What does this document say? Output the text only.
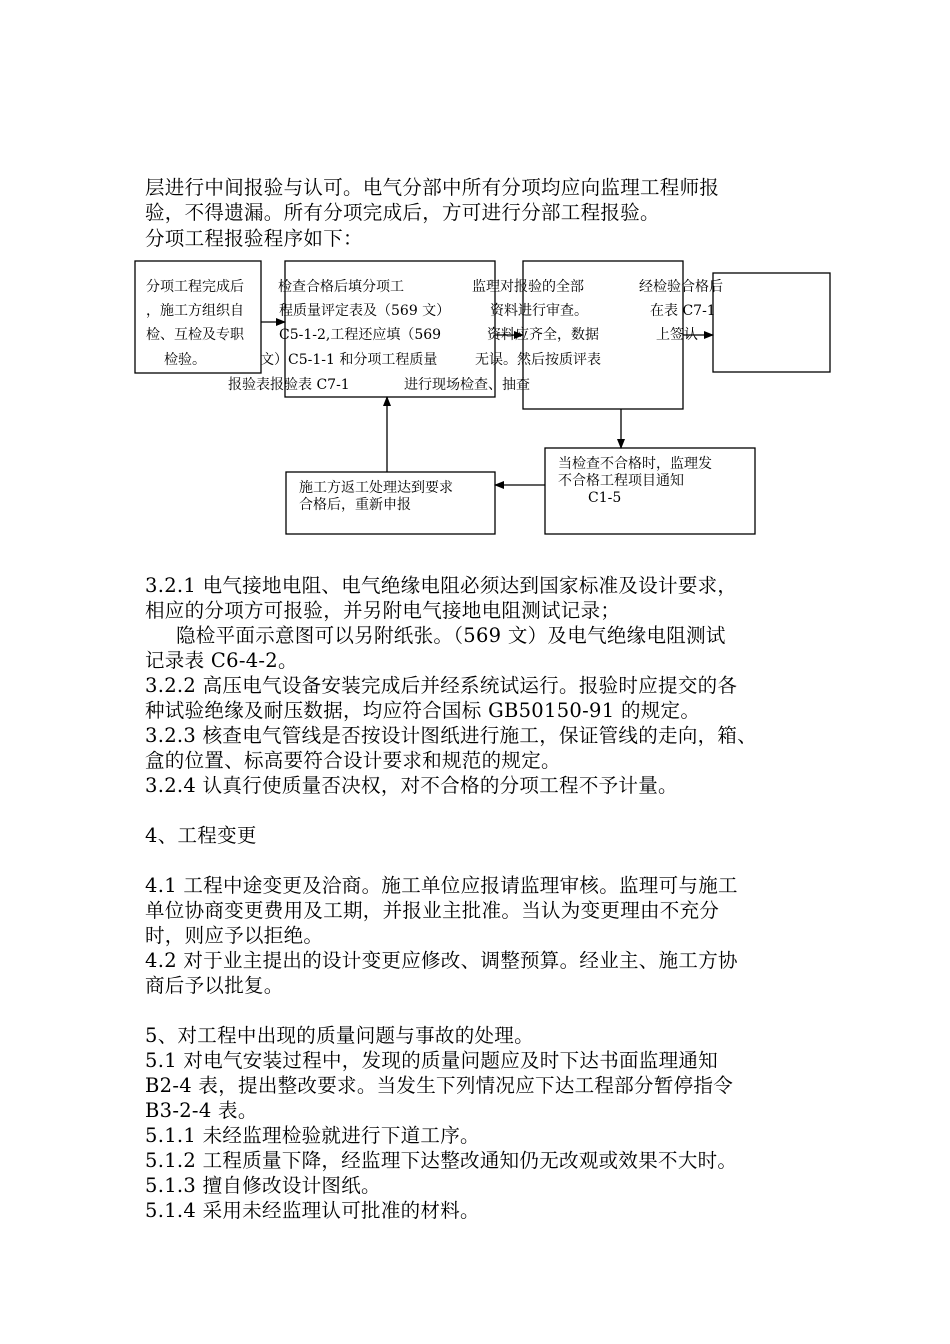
层进行中间报验与认可。电气分部中所有分项均应向监理工程师报
验，不得遗漏。所有分项完成后，方可进行分部工程报验。
分项工程报验程序如下：
分项工程完成后
，施工方组织自
检、互检及专职
检验。
检查合格后填分项工
程质量评定表及（569 文）
C5-1-2,工程还应填（569
文）C5-1-1 和分项工程质量
报验表报验表 C7-1
监理对报验的全部
资料进行审查。
资料应齐全，数据
无误。然后按质评表
进行现场检查、抽查
经检验合格后
在表 C7-1
上签认
当检查不合格时，监理发
不合格工程项目通知
C1-5
施工方返工处理达到要求
合格后，重新申报
3.2.1 电气接地电阻、电气绝缘电阻必须达到国家标准及设计要求，
相应的分项方可报验，并另附电气接地电阻测试记录；
隐检平面示意图可以另附纸张。（569 文）及电气绝缘电阻测试
记录表 C6-4-2。
3.2.2 高压电气设备安装完成后并经系统试运行。报验时应提交的各
种试验绝缘及耐压数据，均应符合国标 GB50150-91 的规定。
3.2.3 核查电气管线是否按设计图纸进行施工，保证管线的走向，箱、
盒的位置、标高要符合设计要求和规范的规定。
3.2.4 认真行使质量否决权，对不合格的分项工程不予计量。
4、工程变更
4.1 工程中途变更及洽商。施工单位应报请监理审核。监理可与施工
单位协商变更费用及工期，并报业主批准。当认为变更理由不充分
时，则应予以拒绝。
4.2 对于业主提出的设计变更应修改、调整预算。经业主、施工方协
商后予以批复。
5、对工程中出现的质量问题与事故的处理。
5.1 对电气安装过程中，发现的质量问题应及时下达书面监理通知
B2-4 表，提出整改要求。当发生下列情况应下达工程部分暂停指令
B3-2-4 表。
5.1.1 未经监理检验就进行下道工序。
5.1.2 工程质量下降，经监理下达整改通知仍无改观或效果不大时。
5.1.3 擅自修改设计图纸。
5.1.4 采用未经监理认可批准的材料。
